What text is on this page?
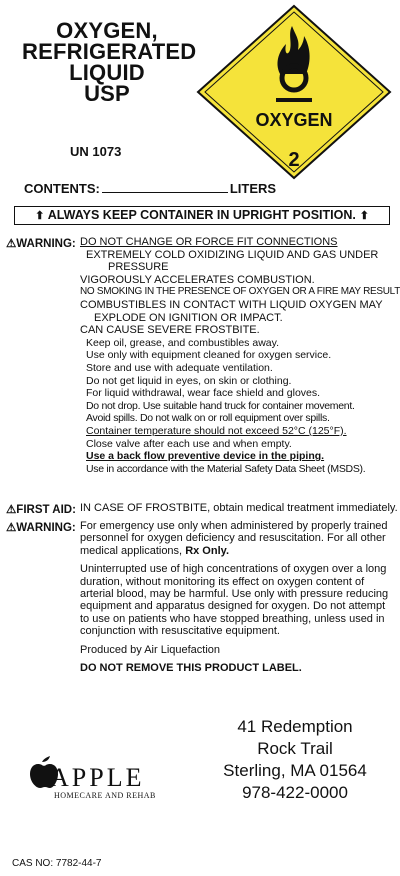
OXYGEN,
REFRIGERATED
LIQUID
USP
UN 1073
OXYGEN
2
CONTENTS:	LITERS
⬆ ALWAYS KEEP CONTAINER IN UPRIGHT POSITION. ⬆
⚠WARNING: DO NOT CHANGE OR FORCE FIT CONNECTIONS
EXTREMELY COLD OXIDIZING LIQUID AND GAS UNDER
PRESSURE
VIGOROUSLY ACCELERATES COMBUSTION.
NO SMOKING IN THE PRESENCE OF OXYGEN OR A FIRE MAY RESULT
COMBUSTIBLES IN CONTACT WITH LIQUID OXYGEN MAY
EXPLODE ON IGNITION OR IMPACT.
CAN CAUSE SEVERE FROSTBITE.
Keep oil, grease, and combustibles away.
Use only with equipment cleaned for oxygen service.
Store and use with adequate ventilation.
Do not get liquid in eyes, on skin or clothing.
For liquid withdrawal, wear face shield and gloves.
Do not drop. Use suitable hand truck for container movement.
Avoid spills. Do not walk on or roll equipment over spills.
Container temperature should not exceed 52°C (125°F).
Close valve after each use and when empty.
Use a back flow preventive device in the piping.
Use in accordance with the Material Safety Data Sheet (MSDS).
⚠FIRST AID: IN CASE OF FROSTBITE, obtain medical treatment immediately.
⚠WARNING: For emergency use only when administered by properly trained personnel for oxygen deficiency and resuscitation. For all other medical applications, Rx Only.

Uninterrupted use of high concentrations of oxygen over a long duration, without monitoring its effect on oxygen content of arterial blood, may be harmful. Use only with pressure reducing equipment and apparatus designed for oxygen. Do not attempt to use on patients who have stopped breathing, unless used in conjunction with resuscitative equipment.

Produced by Air Liquefaction

DO NOT REMOVE THIS PRODUCT LABEL.

41 Redemption
Rock Trail
Sterling, MA 01564
978-422-0000
APPLE
HOMECARE AND REHAB
CAS NO: 7782-44-7
